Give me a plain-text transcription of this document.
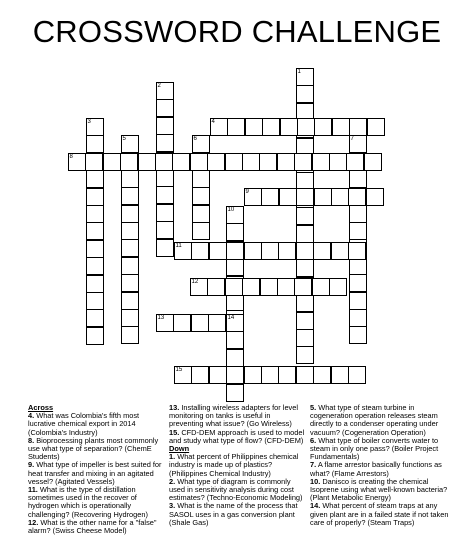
CROSSWORD CHALLENGE
1
2
3	4
5	6	7
8
9
10
11
12
13	14
15
Across
4. What was Colombia's fifth most lucrative chemical export in 2014 (Colombia's Industry)
8. Bioprocessing plants most commonly use what type of separation? (ChemE Students)
9. What type of impeller is best suited for heat transfer and mixing in an agitated vessel? (Agitated Vessels)
11. What is the type of distillation sometimes used in the recover of hydrogen which is operationally challenging? (Recovering Hydrogen)
12. What is the other name for a "false" alarm? (Swiss Cheese Model)
13. Installing wireless adapters for level monitoring on tanks is useful in preventing what issue? (Go Wireless)
15. CFD-DEM approach is used to model and study what type of flow? (CFD-DEM)
Down
1. What percent of Philippines chemical industry is made up of plastics? (Philippines Chemical Industry)
2. What type of diagram is commonly used in sensitivity analysis during cost estimates? (Techno-Economic Modeling)
3. What is the name of the process that SASOL uses in a gas conversion plant (Shale Gas)
5. What type of steam turbine in cogeneration operation releases steam directly to a condenser operating under vacuum? (Cogeneration Operation)
6. What type of boiler converts water to steam in only one pass? (Boiler Project Fundamentals)
7. A flame arrestor basically functions as what? (Flame Arrestors)
10. Danisco is creating the chemical Isoprene using what well-known bacteria? (Plant Metabolic Energy)
14. What percent of steam traps at any given plant are in a failed state if not taken care of properly? (Steam Traps)
